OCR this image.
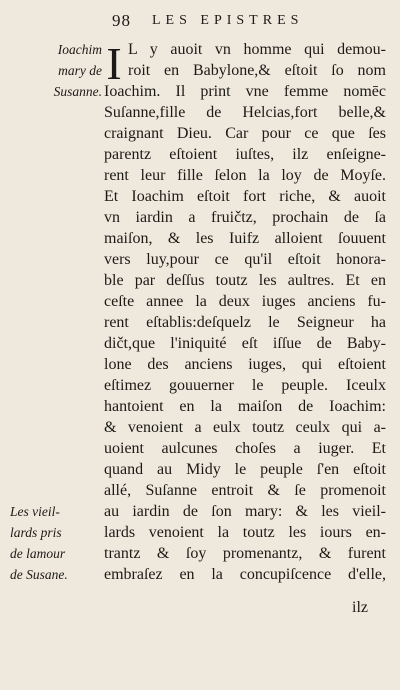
98 LES EPISTRES
Ioachim
mary de
Susanne.
Les vieil-
lards pris
de lamour
de Susane.
I L y auoit vn homme qui demou-
roit en Babylone,& eſtoit ſo nom
Ioachim. Il print vne femme nomēc
Suſanne,fille de Helcias,fort belle,&
craignant Dieu. Car pour ce que ſes
parentz eſtoient iuſtes, ilz enſeigne-
rent leur fille ſelon la loy de Moyſe.
Et Ioachim eſtoit fort riche, & auoit
vn iardin a fruičtz, prochain de ſa
maiſon, & les Iuifz alloient ſouuent
vers luy,pour ce qu'il eſtoit honora-
ble par deſſus toutz les aultres. Et en
ceſte annee la deux iuges anciens fu-
rent eſtablis:deſquelz le Seigneur ha
dičt,que l'iniquité eſt iſſue de Baby-
lone des anciens iuges, qui eſtoient
eſtimez gouuerner le peuple. Iceulx
hantoient en la maiſon de Ioachim:
& venoient a eulx toutz ceulx qui a-
uoient aulcunes choſes a iuger. Et
quand au Midy le peuple ſ'en eſtoit
allé, Suſanne entroit & ſe promenoit
au iardin de ſon mary: & les vieil-
lards venoient la toutz les iours en-
trantz & ſoy promenantz, & furent
embraſez en la concupiſcence d'elle,
ilz
